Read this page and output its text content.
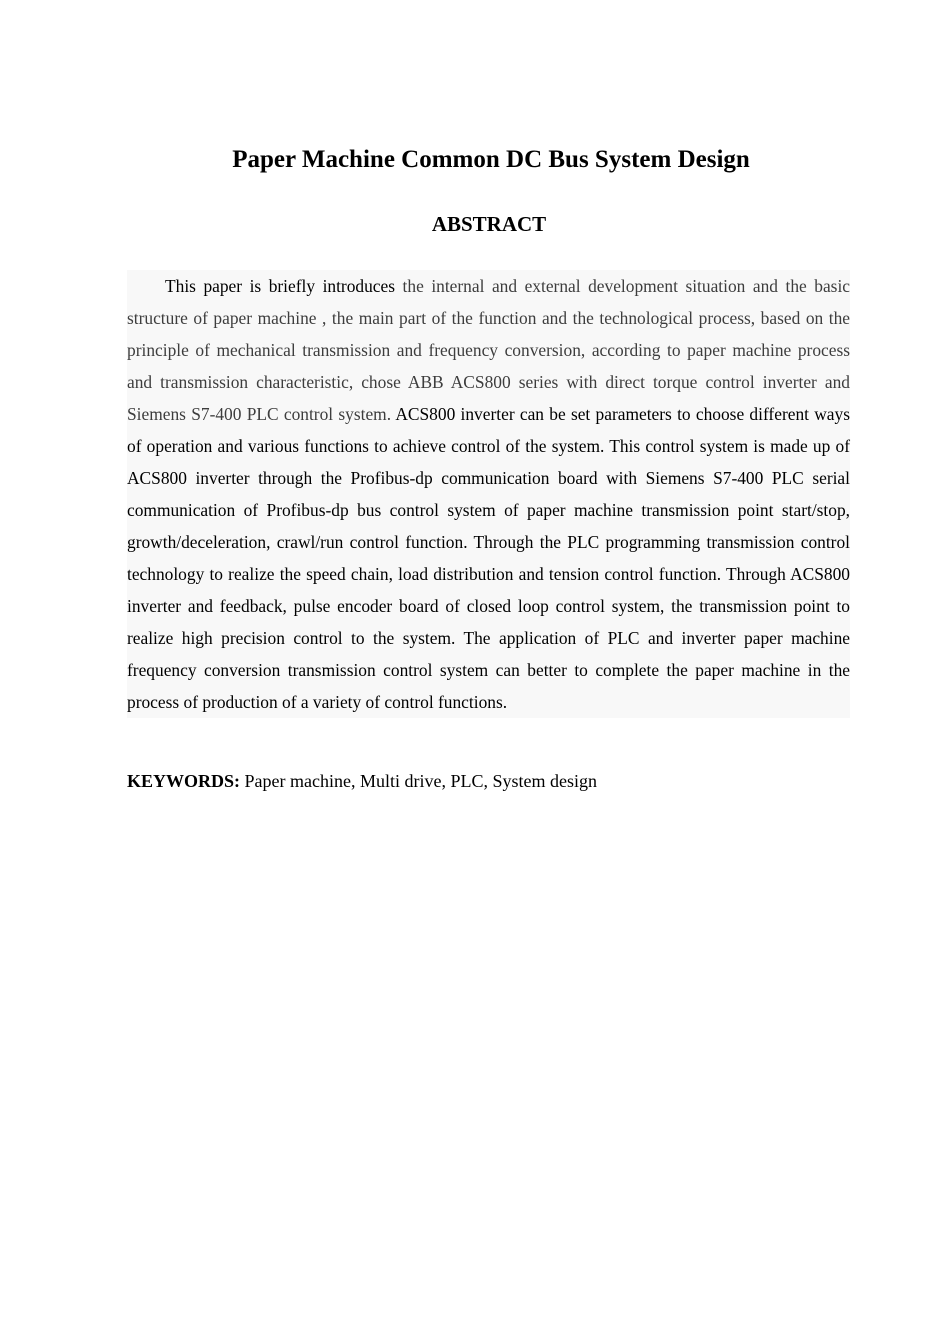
Paper Machine Common DC Bus System Design
ABSTRACT

This paper is briefly introduces the internal and external development situation and the basic structure of paper machine , the main part of the function and the technological process, based on the principle of mechanical transmission and frequency conversion, according to paper machine process and transmission characteristic, chose ABB ACS800 series with direct torque control inverter and Siemens S7-400 PLC control system. ACS800 inverter can be set parameters to choose different ways of operation and various functions to achieve control of the system. This control system is made up of ACS800 inverter through the Profibus-dp communication board with Siemens S7-400 PLC serial communication of Profibus-dp bus control system of paper machine transmission point start/stop, growth/deceleration, crawl/run control function. Through the PLC programming transmission control technology to realize the speed chain, load distribution and tension control function. Through ACS800 inverter and feedback, pulse encoder board of closed loop control system, the transmission point to realize high precision control to the system. The application of PLC and inverter paper machine frequency conversion transmission control system can better to complete the paper machine in the process of production of a variety of control functions.

KEYWORDS: Paper machine, Multi drive, PLC, System design
